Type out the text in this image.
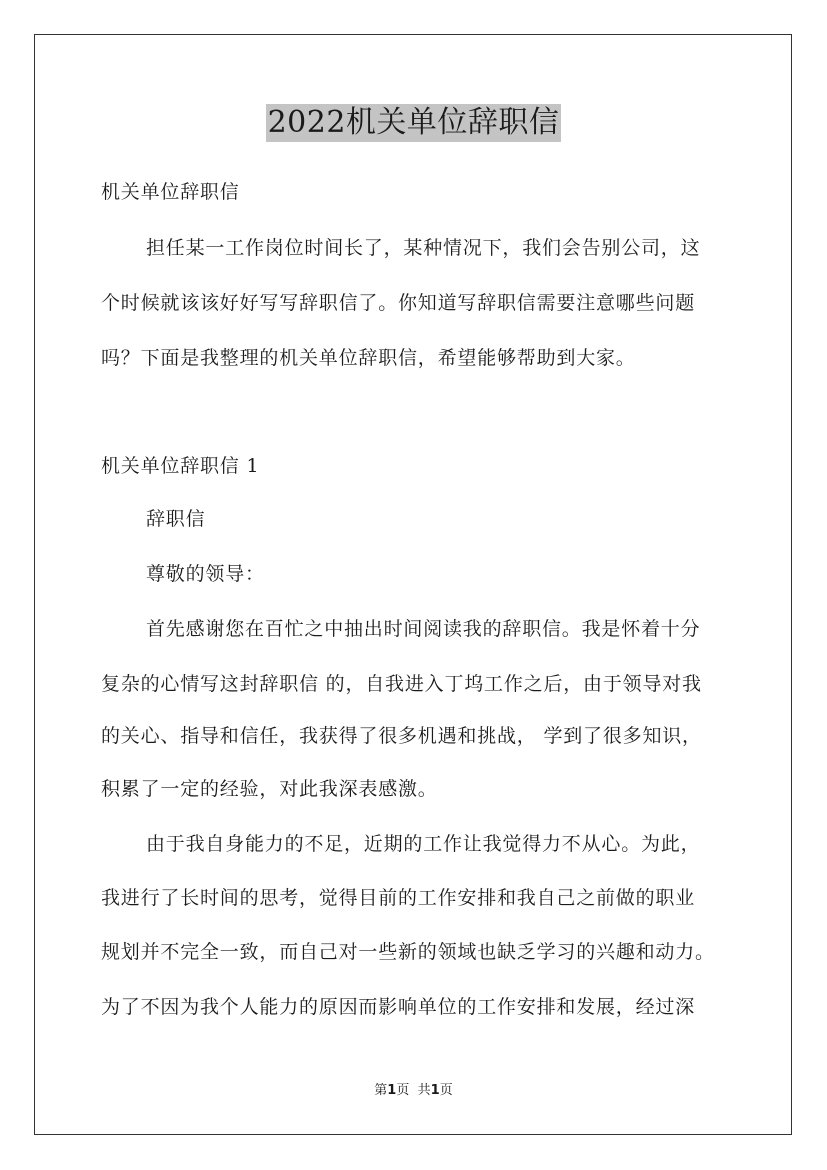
2022机关单位辞职信
机关单位辞职信
担任某一工作岗位时间长了，某种情况下，我们会告别公司，这
个时候就该该好好写写辞职信了。你知道写辞职信需要注意哪些问题
吗？下面是我整理的机关单位辞职信，希望能够帮助到大家。
机关单位辞职信 1
辞职信
尊敬的领导：
首先感谢您在百忙之中抽出时间阅读我的辞职信。我是怀着十分
复杂的心情写这封辞职信 的，自我进入丁坞工作之后，由于领导对我
的关心、指导和信任，我获得了很多机遇和挑战， 学到了很多知识，
积累了一定的经验，对此我深表感激。
由于我自身能力的不足，近期的工作让我觉得力不从心。为此，
我进行了长时间的思考，觉得目前的工作安排和我自己之前做的职业
规划并不完全一致，而自己对一些新的领域也缺乏学习的兴趣和动力。
为了不因为我个人能力的原因而影响单位的工作安排和发展，经过深
第1页 共1页
